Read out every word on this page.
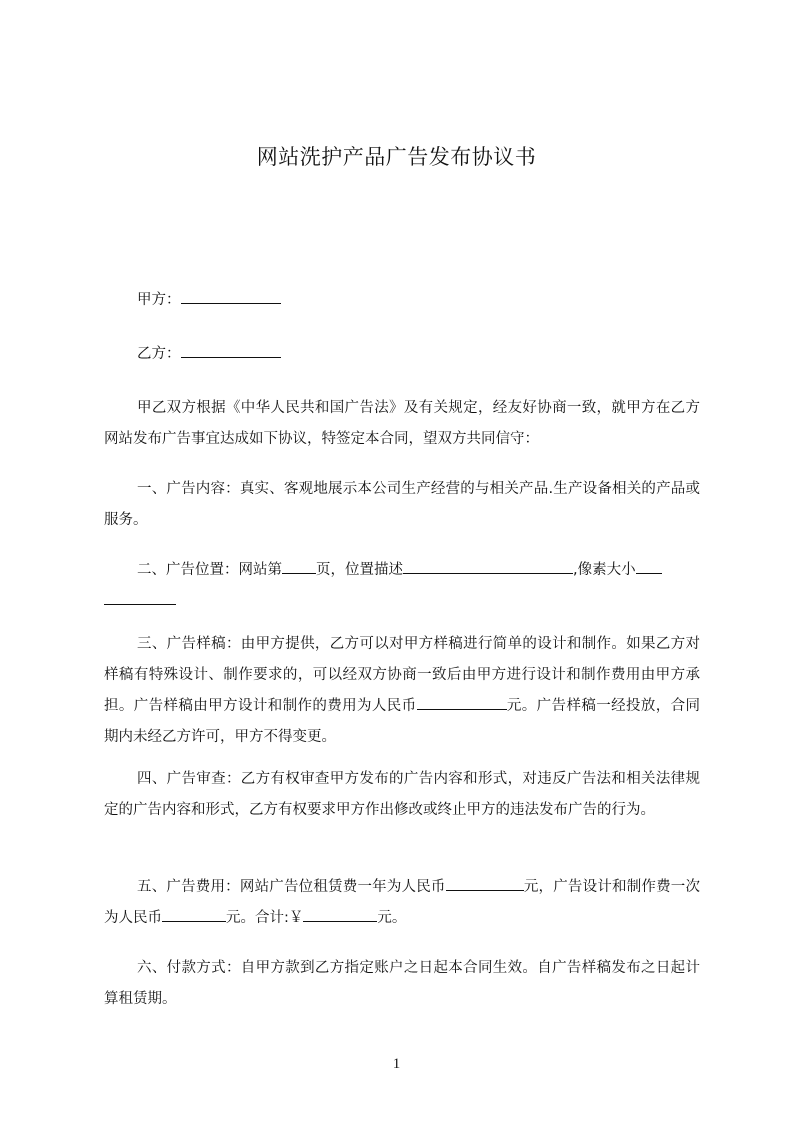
网站洗护产品广告发布协议书

甲方：

乙方：

甲乙双方根据《中华人民共和国广告法》及有关规定，经友好协商一致，就甲方在乙方网站发布广告事宜达成如下协议，特签定本合同，望双方共同信守：

一、广告内容：真实、客观地展示本公司生产经营的与相关产品.生产设备相关的产品或服务。

二、广告位置：网站第 页，位置描述	,像素大小

三、广告样稿：由甲方提供，乙方可以对甲方样稿进行简单的设计和制作。如果乙方对样稿有特殊设计、制作要求的，可以经双方协商一致后由甲方进行设计和制作费用由甲方承担。广告样稿由甲方设计和制作的费用为人民币	元。广告样稿一经投放，合同期内未经乙方许可，甲方不得变更。

四、广告审查：乙方有权审查甲方发布的广告内容和形式，对违反广告法和相关法律规定的广告内容和形式，乙方有权要求甲方作出修改或终止甲方的违法发布广告的行为。

五、广告费用：网站广告位租赁费一年为人民币	元，广告设计和制作费一次为人民币	元。合计:￥	元。

六、付款方式：自甲方款到乙方指定账户之日起本合同生效。自广告样稿发布之日起计算租赁期。

1
